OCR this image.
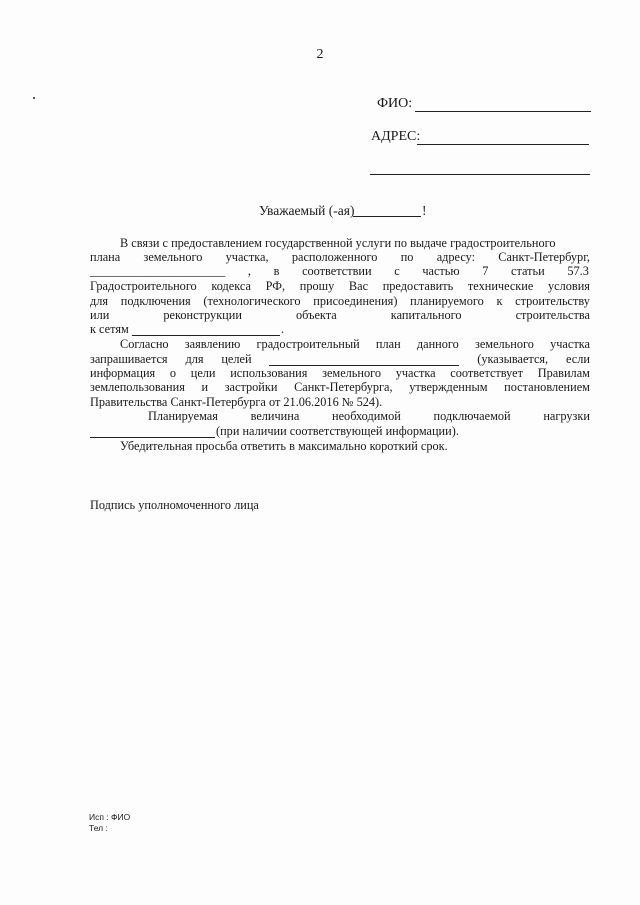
2
ФИО:
АДРЕС:
Уважаемый (-ая)	!
В связи с предоставлением государственной услуги по выдаче градостроительного
плана земельного участка, расположенного по адресу: Санкт-Петербург,
______________________ , в соответствии с частью 7 статьи 57.3
Градостроительного кодекса РФ, прошу Вас предоставить технические условия
для подключения (технологического присоединения) планируемого к строительству
или	реконструкции	объекта	капитального	строительства
к сетям	.
Согласно заявлению градостроительный план данного земельного участка
запрашивается для целей	(указывается, если
информация о цели использования земельного участка соответствует Правилам
землепользования и застройки Санкт-Петербурга, утвержденным постановлением
Правительства Санкт-Петербурга от 21.06.2016 № 524).
Планируемая	величина	необходимой	подключаемой	нагрузки
(при наличии соответствующей информации).
Убедительная просьба ответить в максимально короткий срок.
Подпись уполномоченного лица
Исп : ФИО
Тел :
